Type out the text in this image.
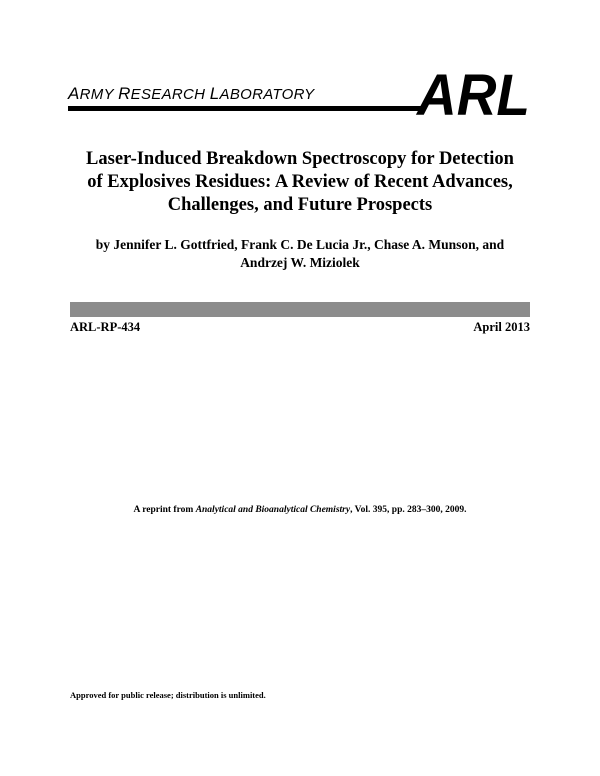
ARMY RESEARCH LABORATORY ARL
Laser-Induced Breakdown Spectroscopy for Detection
of Explosives Residues: A Review of Recent Advances,
Challenges, and Future Prospects
by Jennifer L. Gottfried, Frank C. De Lucia Jr., Chase A. Munson, and
Andrzej W. Miziolek
ARL-RP-434	April 2013
A reprint from Analytical and Bioanalytical Chemistry, Vol. 395, pp. 283–300, 2009.
Approved for public release; distribution is unlimited.
